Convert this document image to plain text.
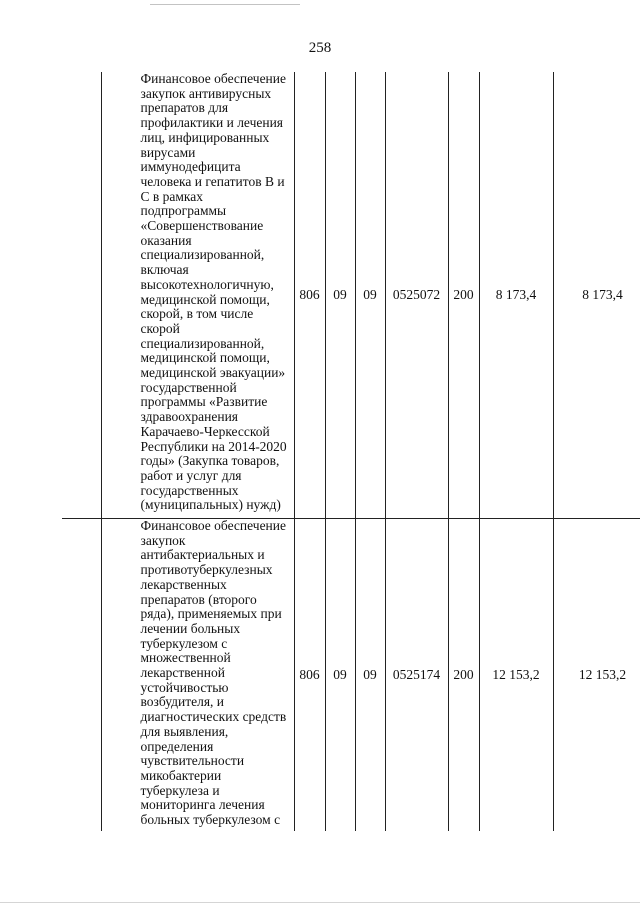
258
			Финансовое обеспечение закупок антивирусных препаратов для профилактики и лечения лиц, инфицированных вирусами иммунодефицита человека и гепатитов В и С в рамках подпрограммы «Совершенствование оказания специализированной, включая высокотехнологичную, медицинской помощи, скорой, в том числе скорой специализированной, медицинской помощи, медицинской эвакуации» государственной программы «Развитие здравоохранения Карачаево-Черкесской Республики на 2014-2020 годы» (Закупка товаров, работ и услуг для государственных (муниципальных) нужд)	806	09	09	0525072	200	8 173,4	8 173,4
			Финансовое обеспечение закупок антибактериальных и противотуберкулезных лекарственных препаратов (второго ряда), применяемых при лечении больных туберкулезом с множественной лекарственной устойчивостью возбудителя, и диагностических средств для выявления, определения чувствительности микобактерии туберкулеза и мониторинга лечения больных туберкулезом с	806	09	09	0525174	200	12 153,2	12 153,2
